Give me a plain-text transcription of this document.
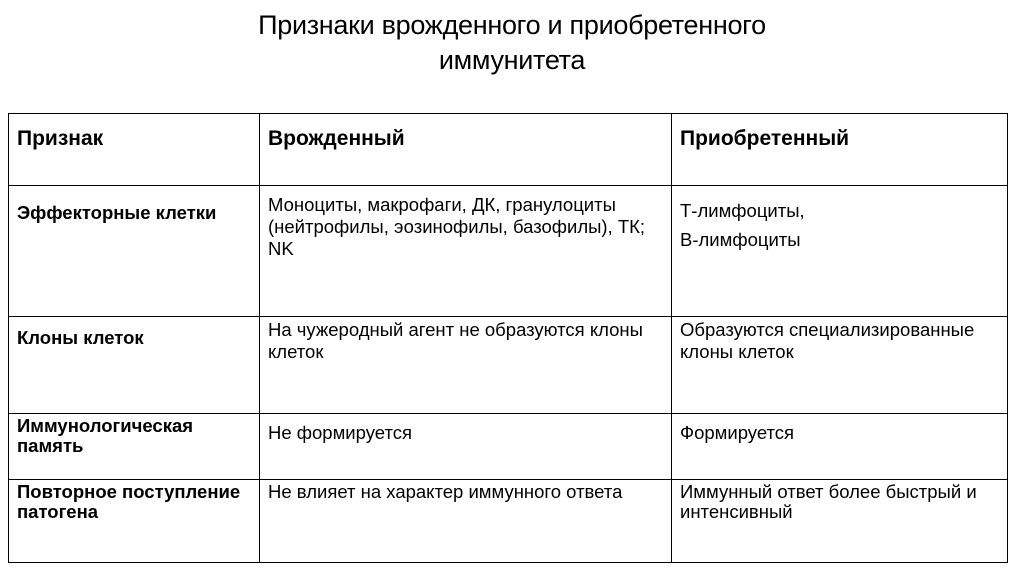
Признаки врожденного и приобретенного
иммунитета
Признак	Врожденный	Приобретенный
Эффекторные клетки	Моноциты, макрофаги, ДК, гранулоциты (нейтрофилы, эозинофилы, базофилы), ТК; NK	Т-лимфоциты,
В-лимфоциты

Клоны клеток	На чужеродный агент не образуются клоны клеток	Образуются специализированные клоны клеток
Иммунологическая память	Не формируется	Формируется
Повторное поступление патогена	Не влияет на характер иммунного ответа	Иммунный ответ более быстрый и интенсивный
